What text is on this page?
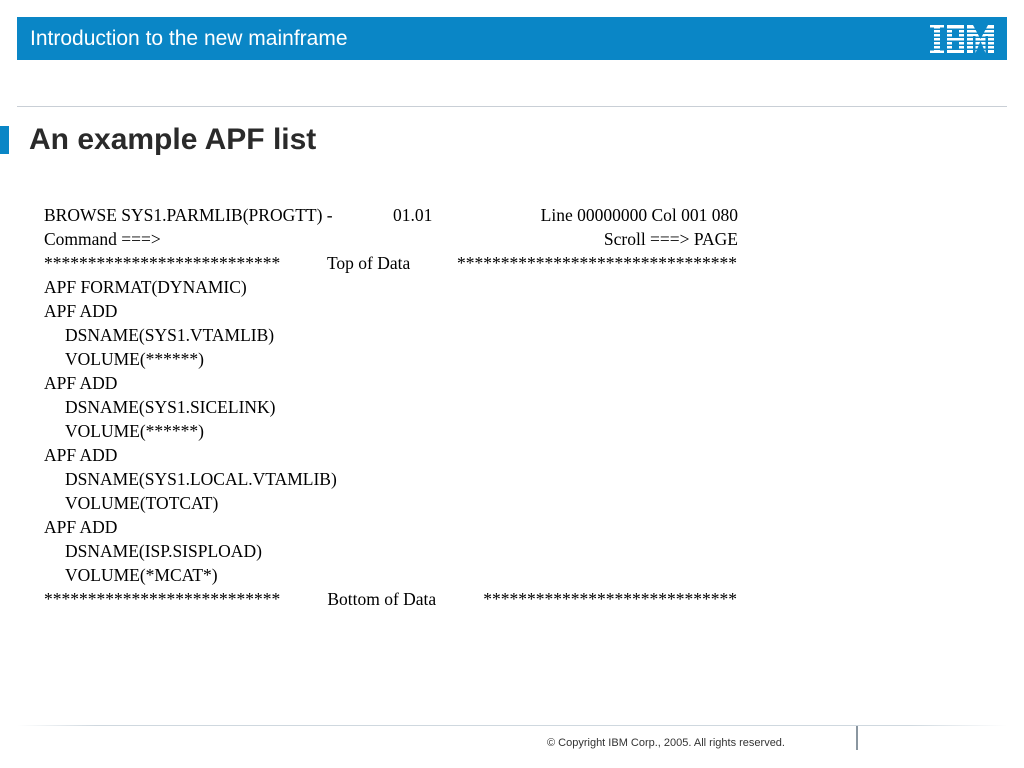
Introduction to the new mainframe
An example APF list

BROWSE SYS1.PARMLIB(PROGTT) -

	01.01

	Line 00000000 Col 001 080

Command ===>

	Scroll ===> PAGE

***************************	Top of Data	********************************
APF FORMAT(DYNAMIC)
APF ADD
DSNAME(SYS1.VTAMLIB)
VOLUME(******)
APF ADD
DSNAME(SYS1.SICELINK)
VOLUME(******)
APF ADD
DSNAME(SYS1.LOCAL.VTAMLIB)
VOLUME(TOTCAT)
APF ADD
DSNAME(ISP.SISPLOAD)
VOLUME(*MCAT*)
***************************	Bottom of Data	*****************************
© Copyright IBM Corp., 2005. All rights reserved.
